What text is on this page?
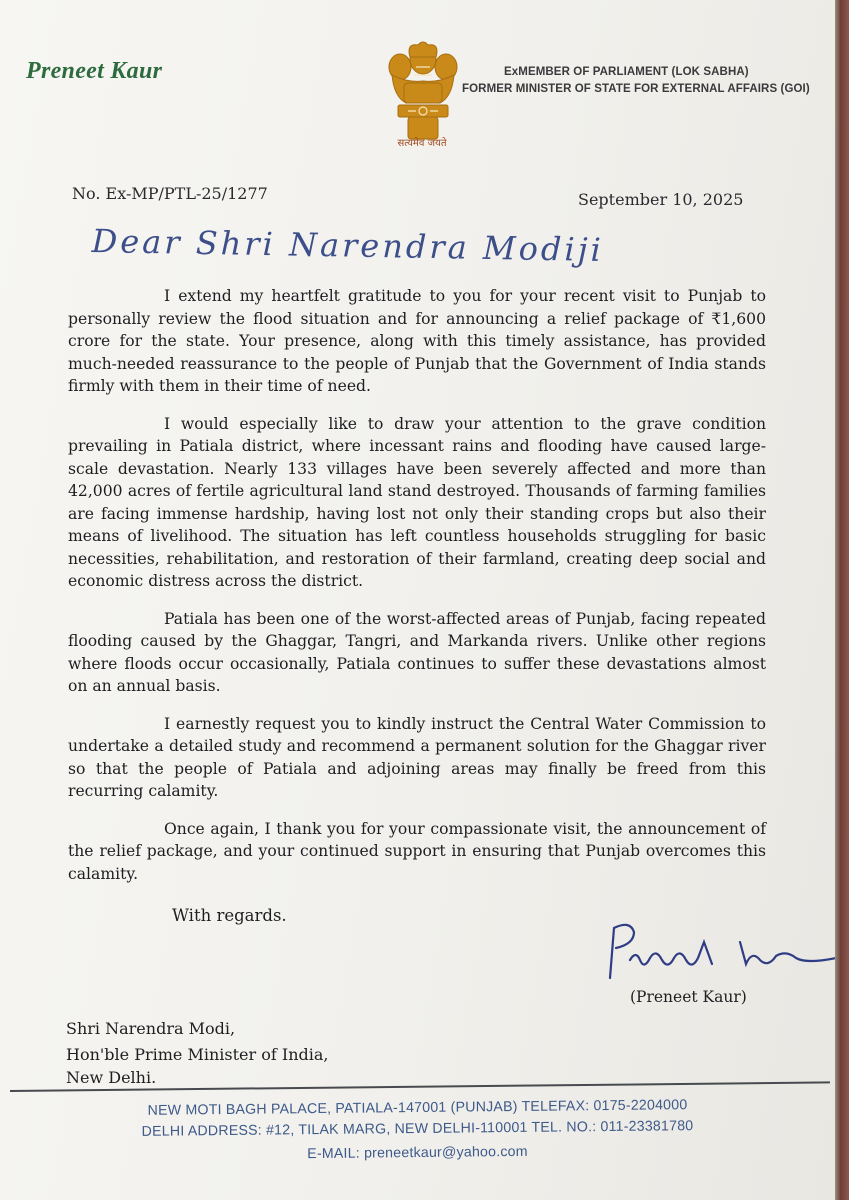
Preneet Kaur
सत्यमेव जयते
ExMEMBER OF PARLIAMENT (LOK SABHA)
FORMER MINISTER OF STATE FOR EXTERNAL AFFAIRS (GOI)
No. Ex-MP/PTL-25/1277	September 10, 2025
Dear Shri Narendra Modiji

I extend my heartfelt gratitude to you for your recent visit to Punjab to personally review the flood situation and for announcing a relief package of ₹1,600 crore for the state. Your presence, along with this timely assistance, has provided much-needed reassurance to the people of Punjab that the Government of India stands firmly with them in their time of need.

I would especially like to draw your attention to the grave condition prevailing in Patiala district, where incessant rains and flooding have caused large-scale devastation. Nearly 133 villages have been severely affected and more than 42,000 acres of fertile agricultural land stand destroyed. Thousands of farming families are facing immense hardship, having lost not only their standing crops but also their means of livelihood. The situation has left countless households struggling for basic necessities, rehabilitation, and restoration of their farmland, creating deep social and economic distress across the district.

Patiala has been one of the worst-affected areas of Punjab, facing repeated flooding caused by the Ghaggar, Tangri, and Markanda rivers. Unlike other regions where floods occur occasionally, Patiala continues to suffer these devastations almost on an annual basis.

I earnestly request you to kindly instruct the Central Water Commission to undertake a detailed study and recommend a permanent solution for the Ghaggar river so that the people of Patiala and adjoining areas may finally be freed from this recurring calamity.

Once again, I thank you for your compassionate visit, the announcement of the relief package, and your continued support in ensuring that Punjab overcomes this calamity.

With regards.
(Preneet Kaur)
Shri Narendra Modi,
Hon'ble Prime Minister of India,
New Delhi.
NEW MOTI BAGH PALACE, PATIALA-147001 (PUNJAB) TELEFAX: 0175-2204000
DELHI ADDRESS: #12, TILAK MARG, NEW DELHI-110001 TEL. NO.: 011-23381780
E-MAIL: preneetkaur@yahoo.com
